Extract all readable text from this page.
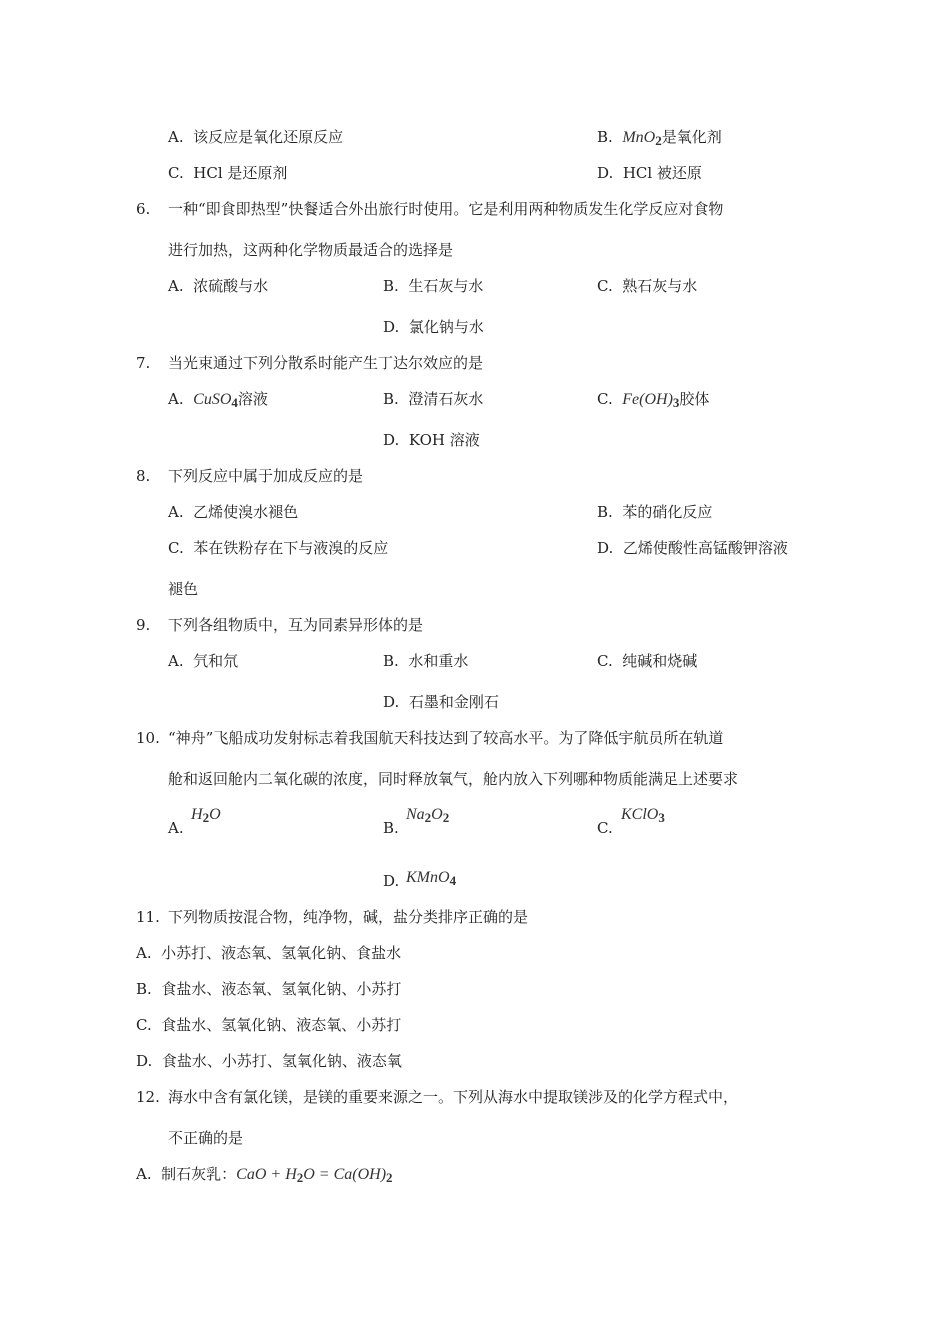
A. 该反应是氧化还原反应	B. MnO$_2$是氧化剂
C. HCl 是还原剂	D. HCl 被还原
6. 一种“即食即热型”快餐适合外出旅行时使用。它是利用两种物质发生化学反应对食物
进行加热，这两种化学物质最适合的选择是
A. 浓硫酸与水	B. 生石灰与水	C. 熟石灰与水
D. 氯化钠与水
7. 当光束通过下列分散系时能产生丁达尔效应的是
A. CuSO$_4$溶液	B. 澄清石灰水	C. $Fe(OH)_3$胶体
D. KOH 溶液
8. 下列反应中属于加成反应的是
A. 乙烯使溴水褪色	B. 苯的硝化反应
C. 苯在铁粉存在下与液溴的反应	D. 乙烯使酸性高锰酸钾溶液
褪色
9. 下列各组物质中，互为同素异形体的是
A. 氕和氘	B. 水和重水	C. 纯碱和烧碱
D. 石墨和金刚石
10. “神舟”飞船成功发射标志着我国航天科技达到了较高水平。为了降低宇航员所在轨道
舱和返回舱内二氧化碳的浓度，同时释放氧气，舱内放入下列哪种物质能满足上述要求
A.
$H_2O$
B.
$Na_2O_2$
C.
KClO$_3$
D. KMnO$_4$
11. 下列物质按混合物，纯净物，碱，盐分类排序正确的是
A. 小苏打、液态氧、氢氧化钠、食盐水
B. 食盐水、液态氧、氢氧化钠、小苏打
C. 食盐水、氢氧化钠、液态氧、小苏打
D. 食盐水、小苏打、氢氧化钠、液态氧
12. 海水中含有氯化镁，是镁的重要来源之一。下列从海水中提取镁涉及的化学方程式中，
不正确的是
A. 制石灰乳：CaO + $H_2O = Ca(OH)_2$
